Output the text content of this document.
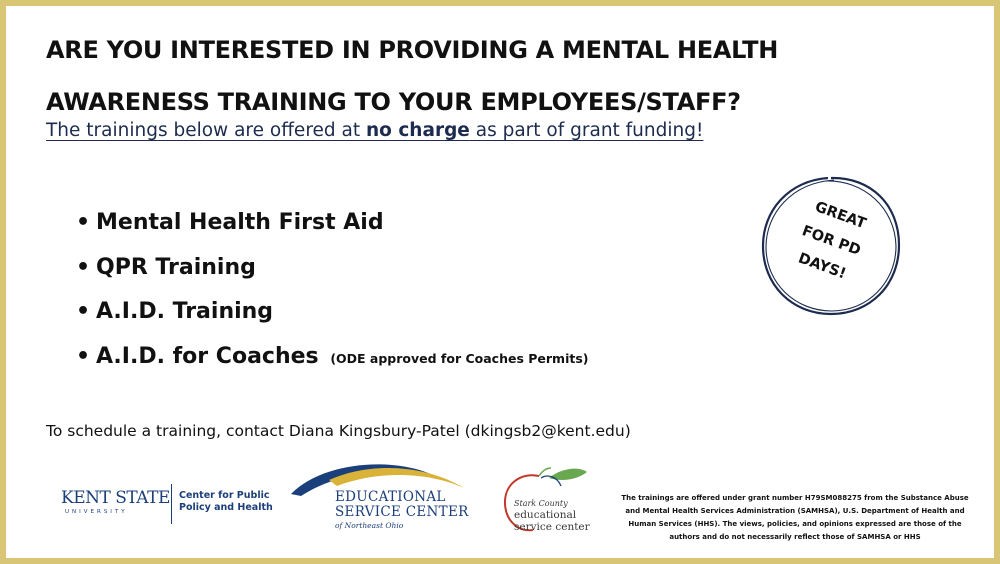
ARE YOU INTERESTED IN PROVIDING A MENTAL HEALTH
AWARENESS TRAINING TO YOUR EMPLOYEES/STAFF?

The trainings below are offered at no charge as part of grant funding!

• Mental Health First Aid
• QPR Training
• A.I.D. Training
• A.I.D. for Coaches (ODE approved for Coaches Permits)
GREAT
FOR PD
DAYS!

To schedule a training, contact Diana Kingsbury-Patel (dkingsb2@kent.edu)

KENT STATE
UNIVERSITY
Center for Public
Policy and Health
EDUCATIONAL
SERVICE CENTER
of Northeast Ohio
Stark County
educational
service center

The trainings are offered under grant number H79SM088275 from the Substance Abuse and Mental Health Services Administration (SAMHSA), U.S. Department of Health and Human Services (HHS). The views, policies, and opinions expressed are those of the authors and do not necessarily reflect those of SAMHSA or HHS
